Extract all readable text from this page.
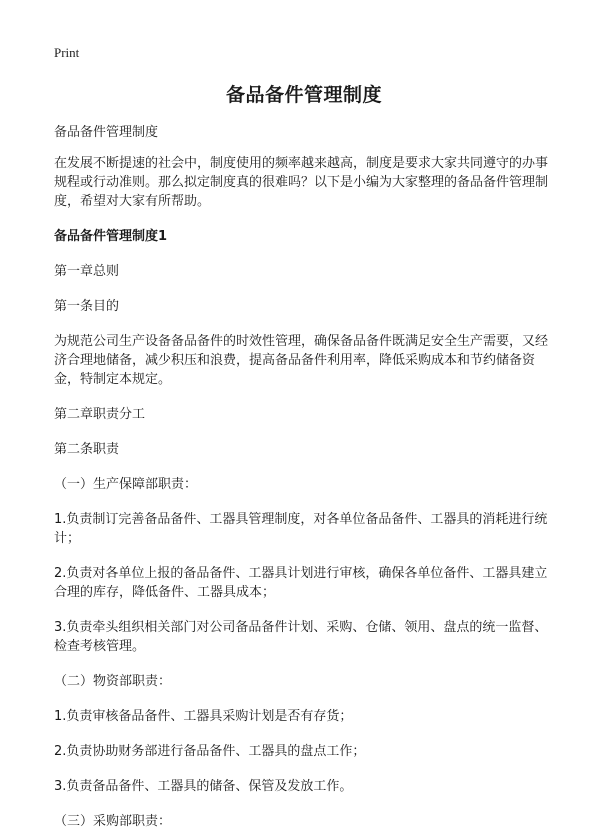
Print
备品备件管理制度

备品备件管理制度

在发展不断提速的社会中，制度使用的频率越来越高，制度是要求大家共同遵守的办事规程或行动准则。那么拟定制度真的很难吗？以下是小编为大家整理的备品备件管理制度，希望对大家有所帮助。

备品备件管理制度1

第一章总则

第一条目的

为规范公司生产设备备品备件的时效性管理，确保备品备件既满足安全生产需要，又经济合理地储备，减少积压和浪费，提高备品备件利用率，降低采购成本和节约储备资金，特制定本规定。

第二章职责分工

第二条职责

（一）生产保障部职责：

1.负责制订完善备品备件、工器具管理制度，对各单位备品备件、工器具的消耗进行统计；

2.负责对各单位上报的备品备件、工器具计划进行审核，确保各单位备件、工器具建立合理的库存，降低备件、工器具成本；

3.负责牵头组织相关部门对公司备品备件计划、采购、仓储、领用、盘点的统一监督、检查考核管理。

（二）物资部职责：

1.负责审核备品备件、工器具采购计划是否有存货；

2.负责协助财务部进行备品备件、工器具的盘点工作；

3.负责备品备件、工器具的储备、保管及发放工作。

（三）采购部职责：
